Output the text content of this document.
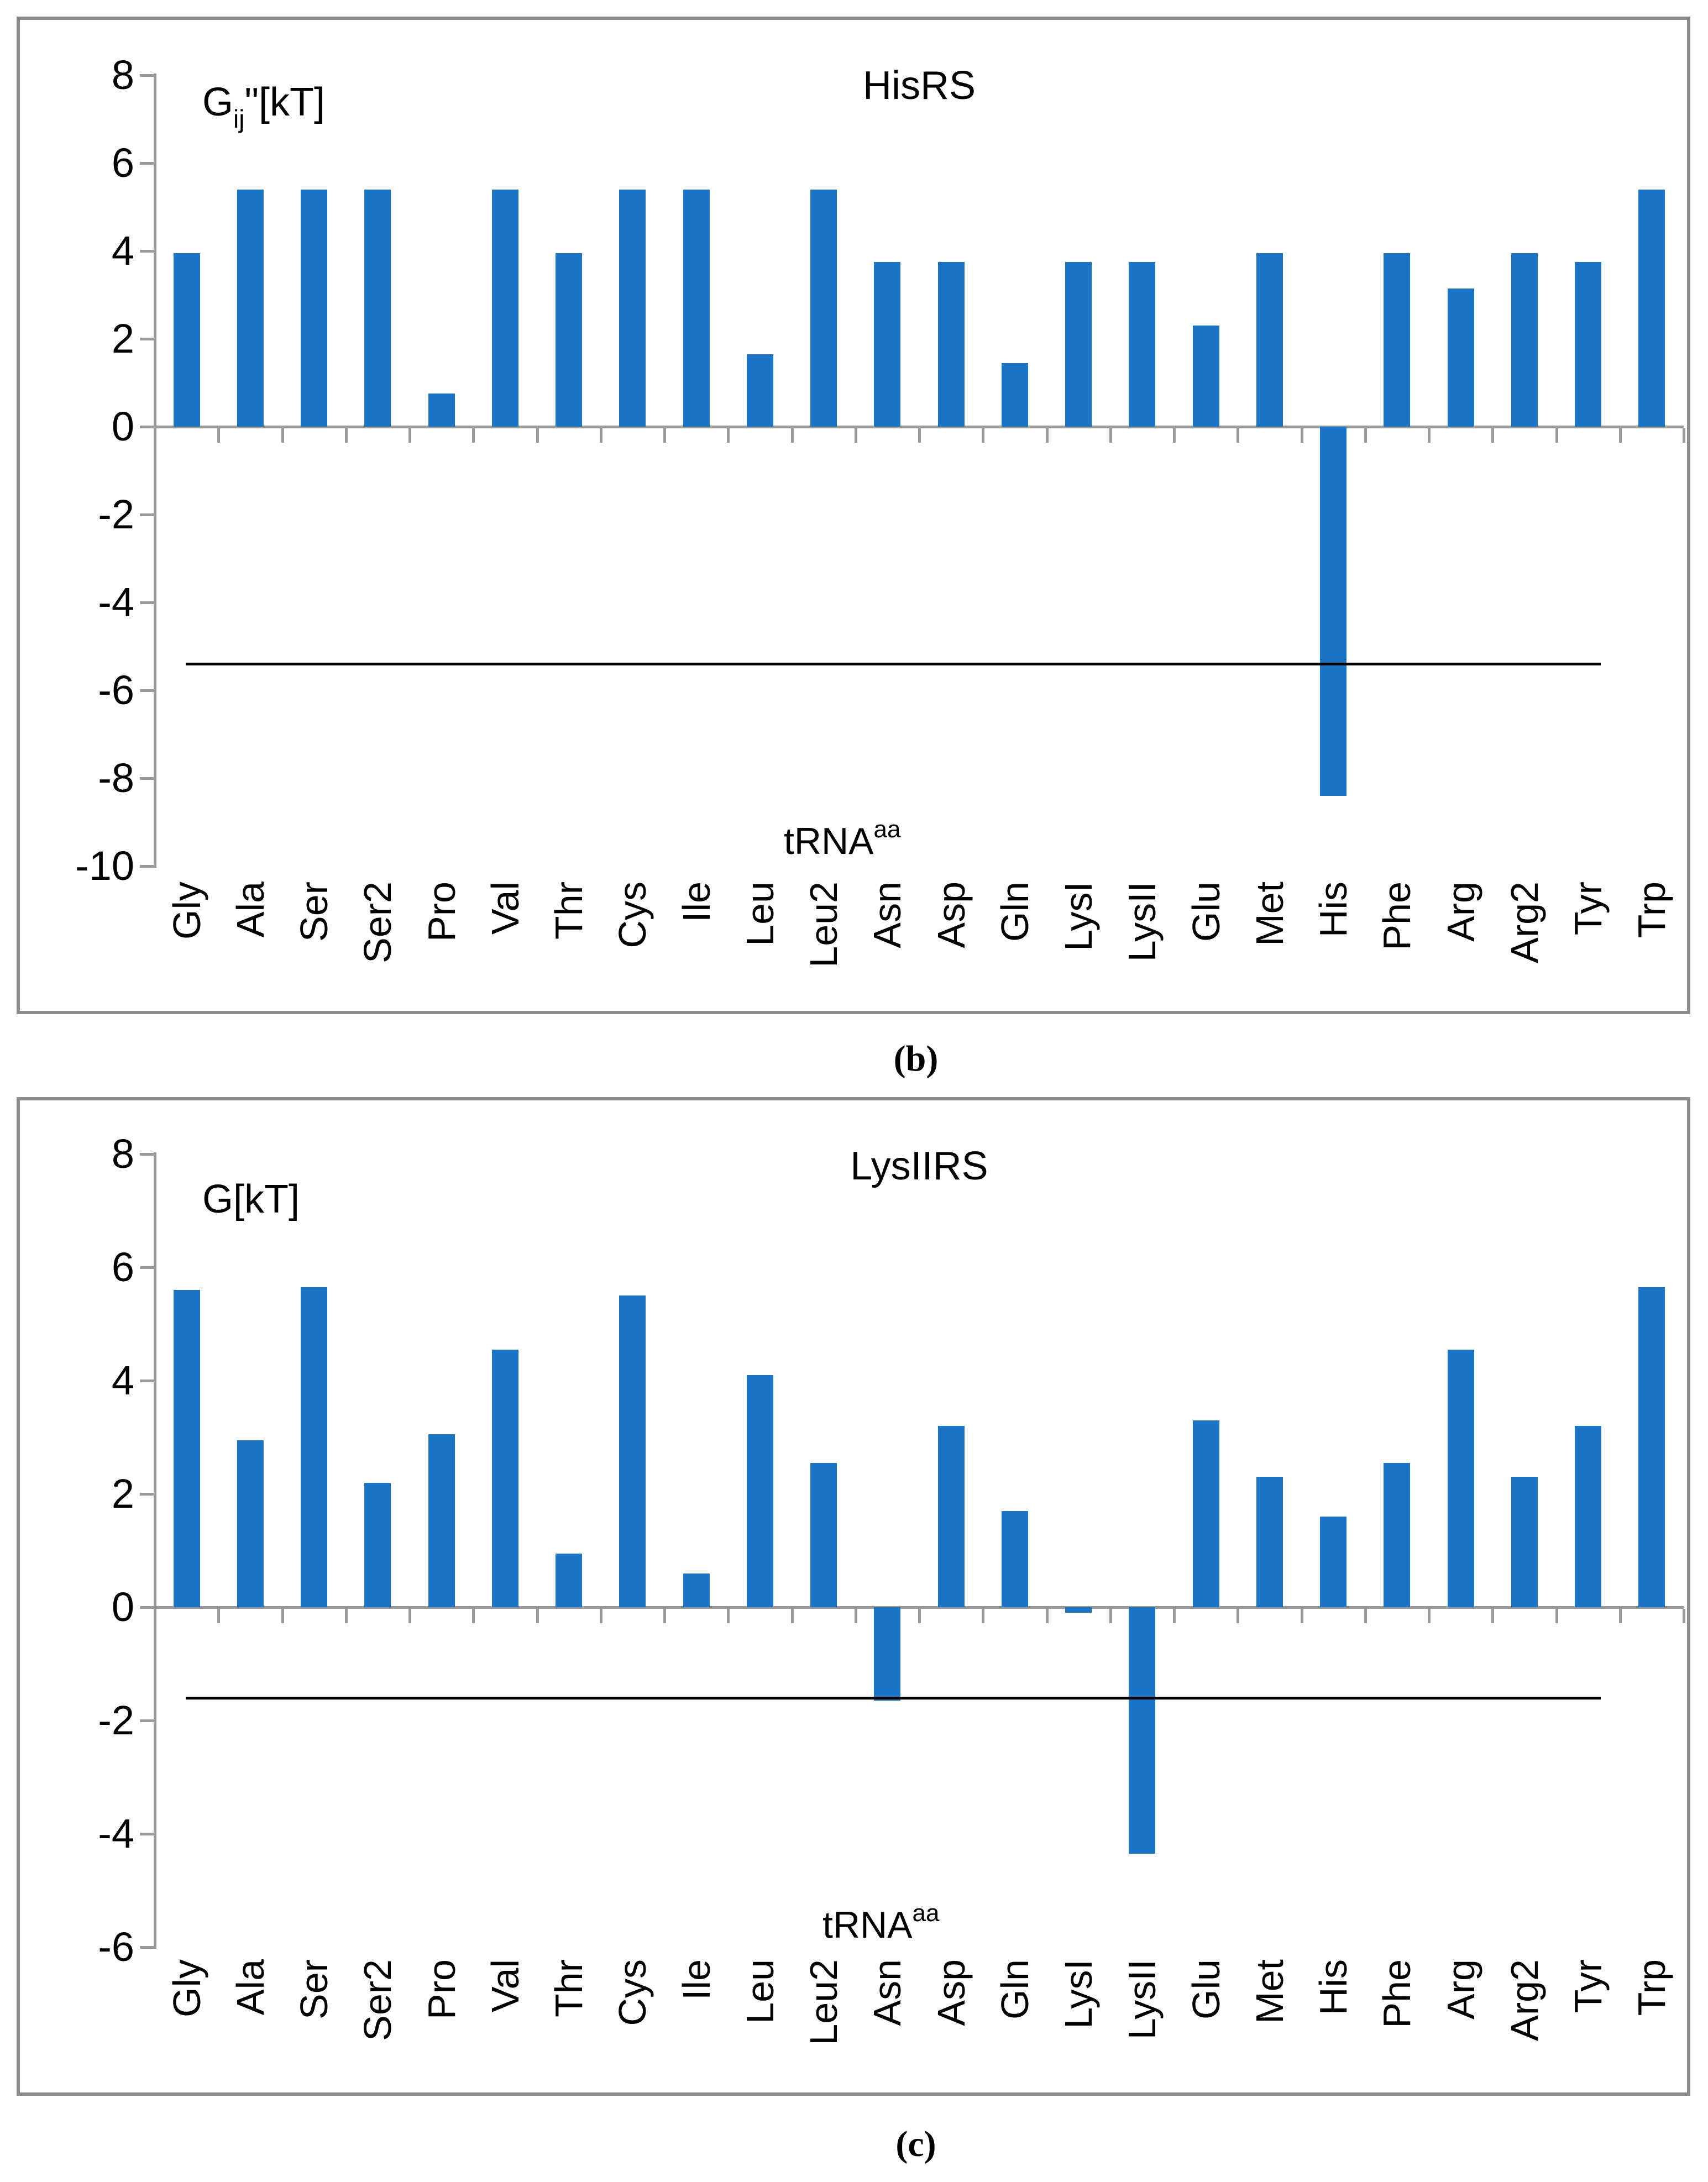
8
6
4
2
0
-2
-4
-6
-8
-10
Gly Ala Ser Ser2 Pro Val Thr Cys Ile Leu Leu2 Asn Asp Gln LysI LysII Glu Met His Phe Arg Arg2 Tyr Trp
$G_{ij}"[kT]$	HisRS
tRNA$^{aa}$
(b)
8
6
4
2
0
-2
-4
-6
Gly Ala Ser Ser2 Pro Val Thr Cys Ile Leu Leu2 Asn Asp Gln LysI LysII Glu Met His Phe Arg Arg2 Tyr Trp
G[kT]
LysIIRS
tRNA$^{aa}$
(c)
